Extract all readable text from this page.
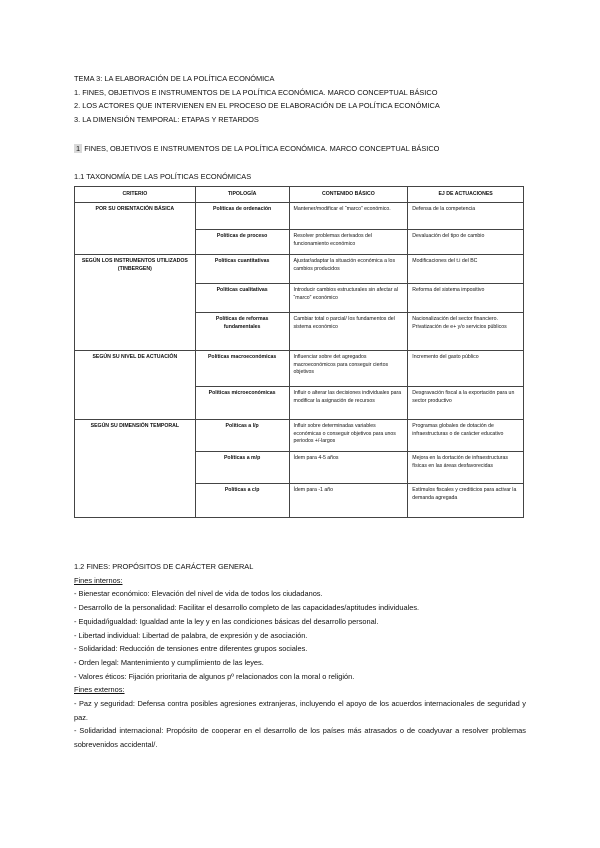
TEMA 3: LA ELABORACIÓN DE LA POLÍTICA ECONÓMICA
1. FINES, OBJETIVOS E INSTRUMENTOS DE LA POLÍTICA ECONÓMICA. MARCO CONCEPTUAL BÁSICO
2. LOS ACTORES QUE INTERVIENEN EN EL PROCESO DE ELABORACIÓN DE LA POLÍTICA ECONÓMICA
3. LA DIMENSIÓN TEMPORAL: ETAPAS Y RETARDOS
1 FINES, OBJETIVOS E INSTRUMENTOS DE LA POLÍTICA ECONÓMICA. MARCO CONCEPTUAL BÁSICO
1.1 TAXONOMÍA DE LAS POLÍTICAS ECONÓMICAS
CRITERIO	TIPOLOGÍA	CONTENIDO BÁSICO	EJ DE ACTUACIONES
POR SU ORIENTACIÓN BÁSICA	Políticas de ordenación	Mantener/modificar el “marco” económico.	Defensa de la competencia
	Políticas de proceso	Resolver problemas derivados del funcionamiento económico	Devaluación del tipo de cambio
SEGÚN LOS INSTRUMENTOS UTILIZADOS (TINBERGEN)	Políticas cuantitativas	Ajustar/adaptar la situación económica a los cambios producidos	Modificaciones del t.i del BC
	Políticas cualitativas	Introducir cambios estructurales sin afectar al “marco” económico	Reforma del sistema impositivo
	Políticas de reformas fundamentales	Cambiar total o parcial/ los fundamentos del sistema económico	Nacionalización del sector financiero. Privatización de e+ y/o servicios públicos
SEGÚN SU NIVEL DE ACTUACIÓN	Políticas macroeconómicas	Influenciar sobre det agregados macroeconómicos para conseguir ciertos objetivos	Incremento del gasto público
	Políticas microeconómicas	Influir o alterar las decisiones individuales para modificar la asignación de recursos	Desgravación fiscal a la exportación para un sector productivo
SEGÚN SU DIMENSIÓN TEMPORAL	Políticas a l/p	Influir sobre determinadas variables económicas o conseguir objetivos para unos periodos +/-largos	Programas globales de dotación de infraestructuras o de carácter educativo
	Políticas a m/p	Ídem para 4-5 años	Mejora en la dortación de infraestructuras físicas en las áreas desfavorecidas
	Políticas a c/p	Ídem para -1 año	Estímulos fiscales y crediticios para activar la demanda agregada
1.2 FINES: PROPÓSITOS DE CARÁCTER GENERAL
Fines internos:
- Bienestar económico: Elevación del nivel de vida de todos los ciudadanos.
- Desarrollo de la personalidad: Facilitar el desarrollo completo de las capacidades/aptitudes individuales.
- Equidad/igualdad: Igualdad ante la ley y en las condiciones básicas del desarrollo personal.
- Libertad individual: Libertad de palabra, de expresión y de asociación.
- Solidaridad: Reducción de tensiones entre diferentes grupos sociales.
- Orden legal: Mantenimiento y cumplimiento de las leyes.
- Valores éticos: Fijación prioritaria de algunos pº relacionados con la moral o religión.
Fines externos:
- Paz y seguridad: Defensa contra posibles agresiones extranjeras, incluyendo el apoyo de los acuerdos internacionales de seguridad y paz.
- Solidaridad internacional: Propósito de cooperar en el desarrollo de los países más atrasados o de coadyuvar a resolver problemas sobrevenidos accidental/.
